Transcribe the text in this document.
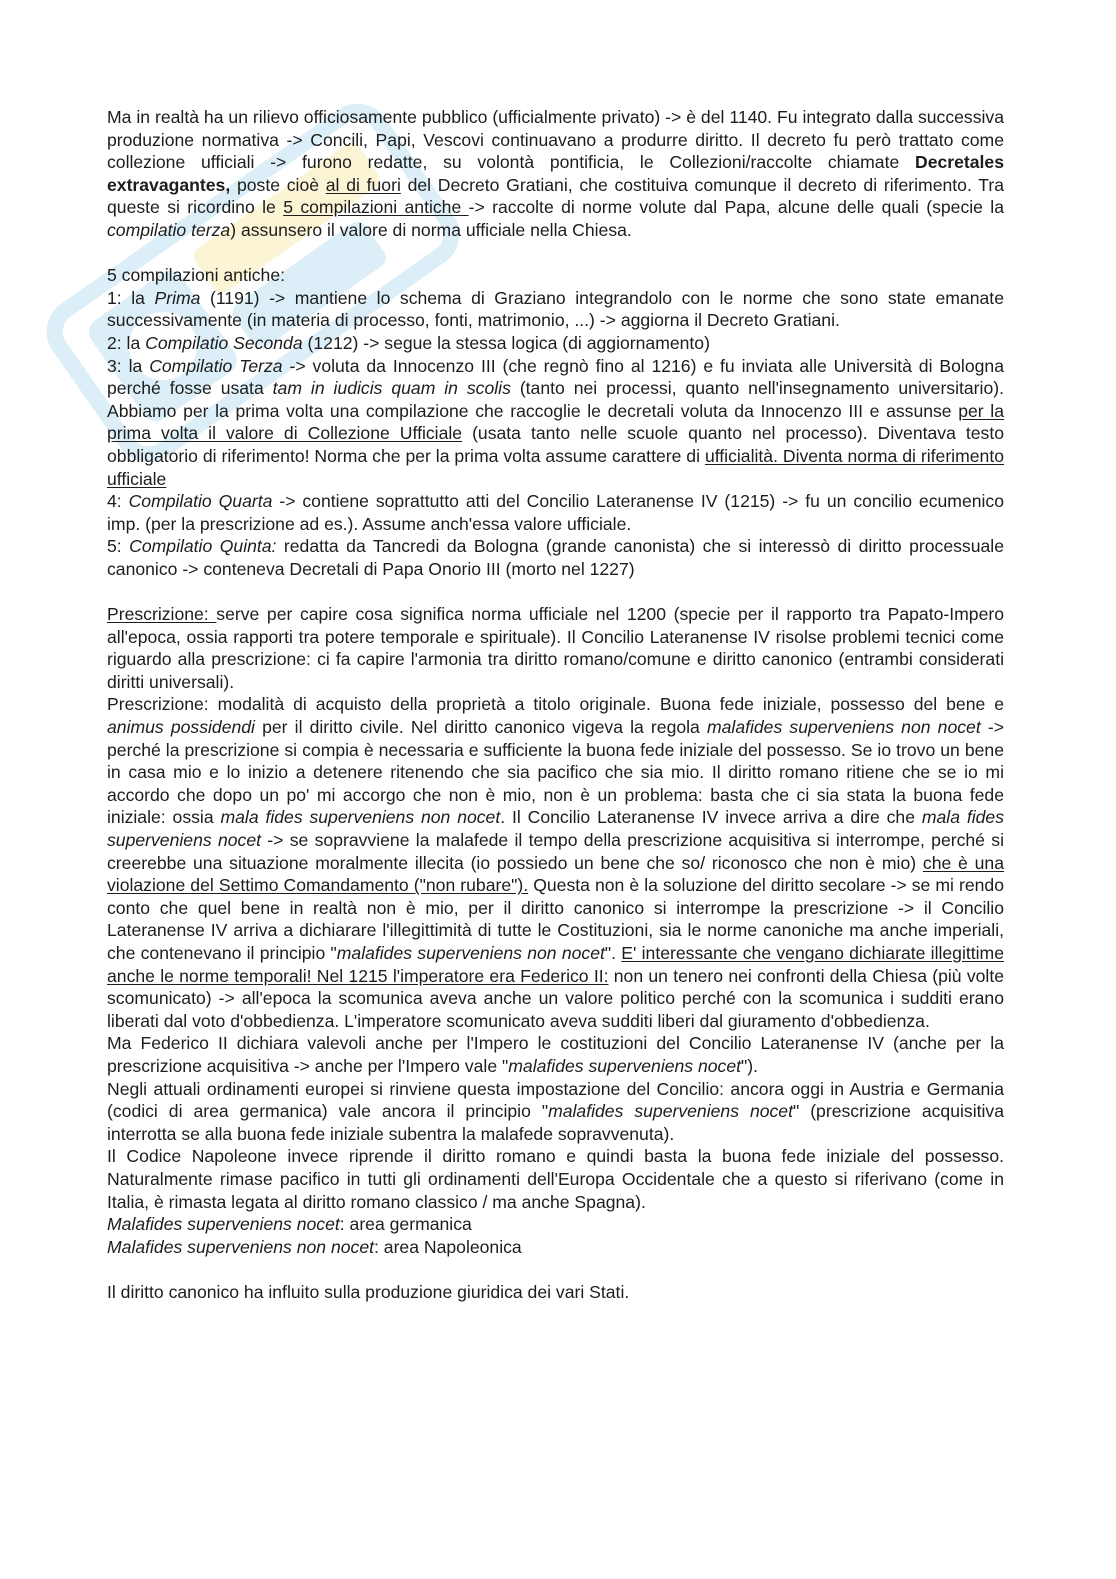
Ma in realtà ha un rilievo officiosamente pubblico (ufficialmente privato) -> è del 1140. Fu integrato dalla successiva produzione normativa -> Concili, Papi, Vescovi continuavano a produrre diritto. Il decreto fu però trattato come collezione ufficiali -> furono redatte, su volontà pontificia, le Collezioni/raccolte chiamate Decretales extravagantes, poste cioè al di fuori del Decreto Gratiani, che costituiva comunque il decreto di riferimento. Tra queste si ricordino le 5 compilazioni antiche -> raccolte di norme volute dal Papa, alcune delle quali (specie la compilatio terza) assunsero il valore di norma ufficiale nella Chiesa.

5 compilazioni antiche:

1: la Prima (1191) -> mantiene lo schema di Graziano integrandolo con le norme che sono state emanate successivamente (in materia di processo, fonti, matrimonio, ...) -> aggiorna il Decreto Gratiani.

2: la Compilatio Seconda (1212) -> segue la stessa logica (di aggiornamento)

3: la Compilatio Terza -> voluta da Innocenzo III (che regnò fino al 1216) e fu inviata alle Università di Bologna perché fosse usata tam in iudicis quam in scolis (tanto nei processi, quanto nell'insegnamento universitario). Abbiamo per la prima volta una compilazione che raccoglie le decretali voluta da Innocenzo III e assunse per la prima volta il valore di Collezione Ufficiale (usata tanto nelle scuole quanto nel processo). Diventava testo obbligatorio di riferimento! Norma che per la prima volta assume carattere di ufficialità. Diventa norma di riferimento ufficiale

4: Compilatio Quarta -> contiene soprattutto atti del Concilio Lateranense IV (1215) -> fu un concilio ecumenico imp. (per la prescrizione ad es.). Assume anch'essa valore ufficiale.

5: Compilatio Quinta: redatta da Tancredi da Bologna (grande canonista) che si interessò di diritto processuale canonico -> conteneva Decretali di Papa Onorio III (morto nel 1227)

Prescrizione: serve per capire cosa significa norma ufficiale nel 1200 (specie per il rapporto tra Papato-Impero all'epoca, ossia rapporti tra potere temporale e spirituale). Il Concilio Lateranense IV risolse problemi tecnici come riguardo alla prescrizione: ci fa capire l'armonia tra diritto romano/comune e diritto canonico (entrambi considerati diritti universali).

Prescrizione: modalità di acquisto della proprietà a titolo originale. Buona fede iniziale, possesso del bene e animus possidendi per il diritto civile. Nel diritto canonico vigeva la regola malafides superveniens non nocet -> perché la prescrizione si compia è necessaria e sufficiente la buona fede iniziale del possesso. Se io trovo un bene in casa mio e lo inizio a detenere ritenendo che sia pacifico che sia mio. Il diritto romano ritiene che se io mi accordo che dopo un po' mi accorgo che non è mio, non è un problema: basta che ci sia stata la buona fede iniziale: ossia mala fides superveniens non nocet. Il Concilio Lateranense IV invece arriva a dire che mala fides superveniens nocet -> se sopravviene la malafede il tempo della prescrizione acquisitiva si interrompe, perché si creerebbe una situazione moralmente illecita (io possiedo un bene che so/ riconosco che non è mio) che è una violazione del Settimo Comandamento ("non rubare"). Questa non è la soluzione del diritto secolare -> se mi rendo conto che quel bene in realtà non è mio, per il diritto canonico si interrompe la prescrizione -> il Concilio Lateranense IV arriva a dichiarare l'illegittimità di tutte le Costituzioni, sia le norme canoniche ma anche imperiali, che contenevano il principio "malafides superveniens non nocet". E' interessante che vengano dichiarate illegittime anche le norme temporali! Nel 1215 l'imperatore era Federico II: non un tenero nei confronti della Chiesa (più volte scomunicato) -> all'epoca la scomunica aveva anche un valore politico perché con la scomunica i sudditi erano liberati dal voto d'obbedienza. L'imperatore scomunicato aveva sudditi liberi dal giuramento d'obbedienza.

Ma Federico II dichiara valevoli anche per l'Impero le costituzioni del Concilio Lateranense IV (anche per la prescrizione acquisitiva -> anche per l'Impero vale "malafides superveniens nocet").

Negli attuali ordinamenti europei si rinviene questa impostazione del Concilio: ancora oggi in Austria e Germania (codici di area germanica) vale ancora il principio "malafides superveniens nocet" (prescrizione acquisitiva interrotta se alla buona fede iniziale subentra la malafede sopravvenuta).

Il Codice Napoleone invece riprende il diritto romano e quindi basta la buona fede iniziale del possesso. Naturalmente rimase pacifico in tutti gli ordinamenti dell'Europa Occidentale che a questo si riferivano (come in Italia, è rimasta legata al diritto romano classico / ma anche Spagna).

Malafides superveniens nocet: area germanica

Malafides superveniens non nocet: area Napoleonica

Il diritto canonico ha influito sulla produzione giuridica dei vari Stati.
